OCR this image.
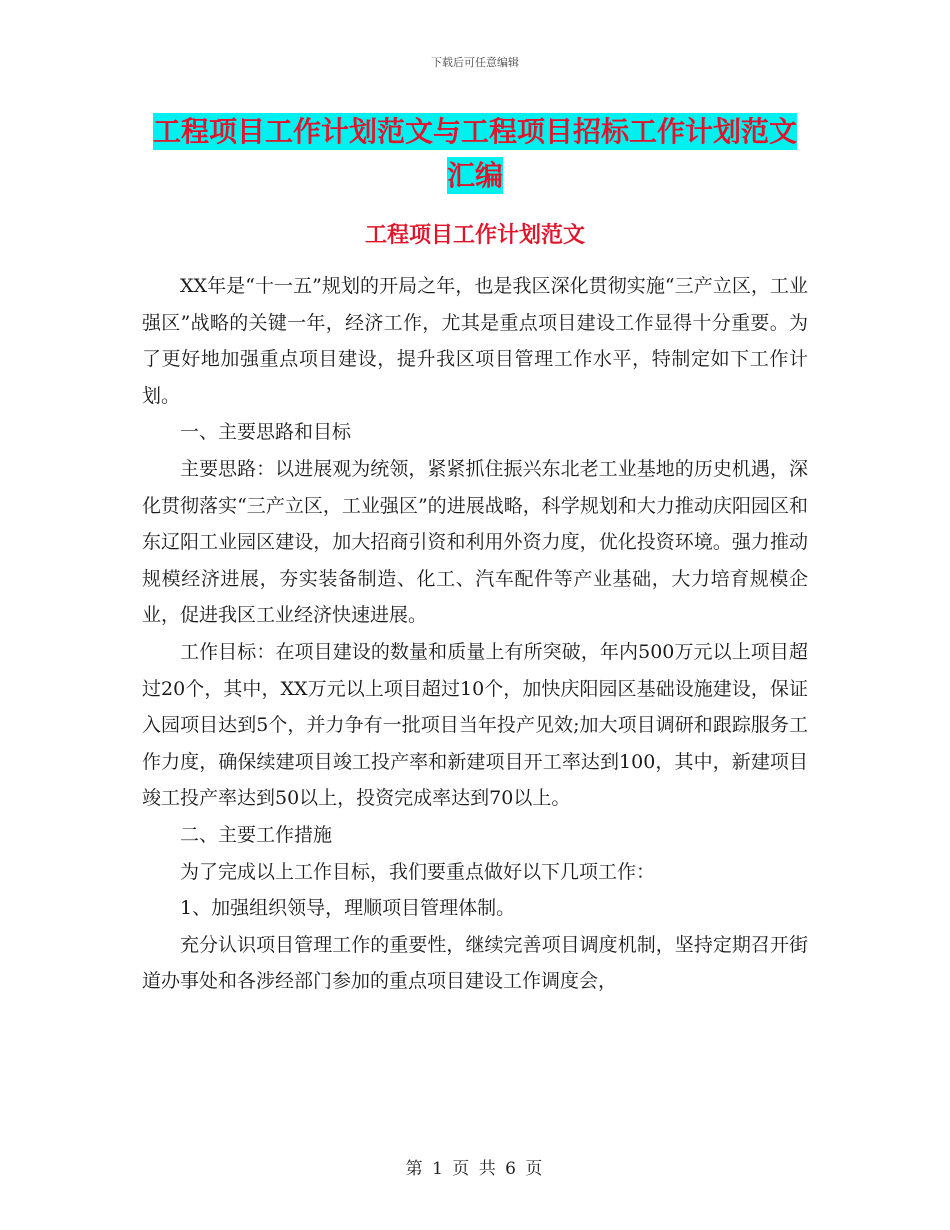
下载后可任意编辑
工程项目工作计划范文与工程项目招标工作计划范文汇编
工程项目工作计划范文

XX年是“十一五”规划的开局之年，也是我区深化贯彻实施“三产立区，工业强区”战略的关键一年，经济工作，尤其是重点项目建设工作显得十分重要。为了更好地加强重点项目建设，提升我区项目管理工作水平，特制定如下工作计划。

一、主要思路和目标

主要思路：以进展观为统领，紧紧抓住振兴东北老工业基地的历史机遇，深化贯彻落实“三产立区，工业强区”的进展战略，科学规划和大力推动庆阳园区和东辽阳工业园区建设，加大招商引资和利用外资力度，优化投资环境。强力推动规模经济进展，夯实装备制造、化工、汽车配件等产业基础，大力培育规模企业，促进我区工业经济快速进展。

工作目标：在项目建设的数量和质量上有所突破，年内500万元以上项目超过20个，其中，XX万元以上项目超过10个，加快庆阳园区基础设施建设，保证入园项目达到5个，并力争有一批项目当年投产见效;加大项目调研和跟踪服务工作力度，确保续建项目竣工投产率和新建项目开工率达到100，其中，新建项目竣工投产率达到50以上，投资完成率达到70以上。

二、主要工作措施

为了完成以上工作目标，我们要重点做好以下几项工作：

1、加强组织领导，理顺项目管理体制。

充分认识项目管理工作的重要性，继续完善项目调度机制，坚持定期召开街道办事处和各涉经部门参加的重点项目建设工作调度会，

第 1 页 共 6 页
